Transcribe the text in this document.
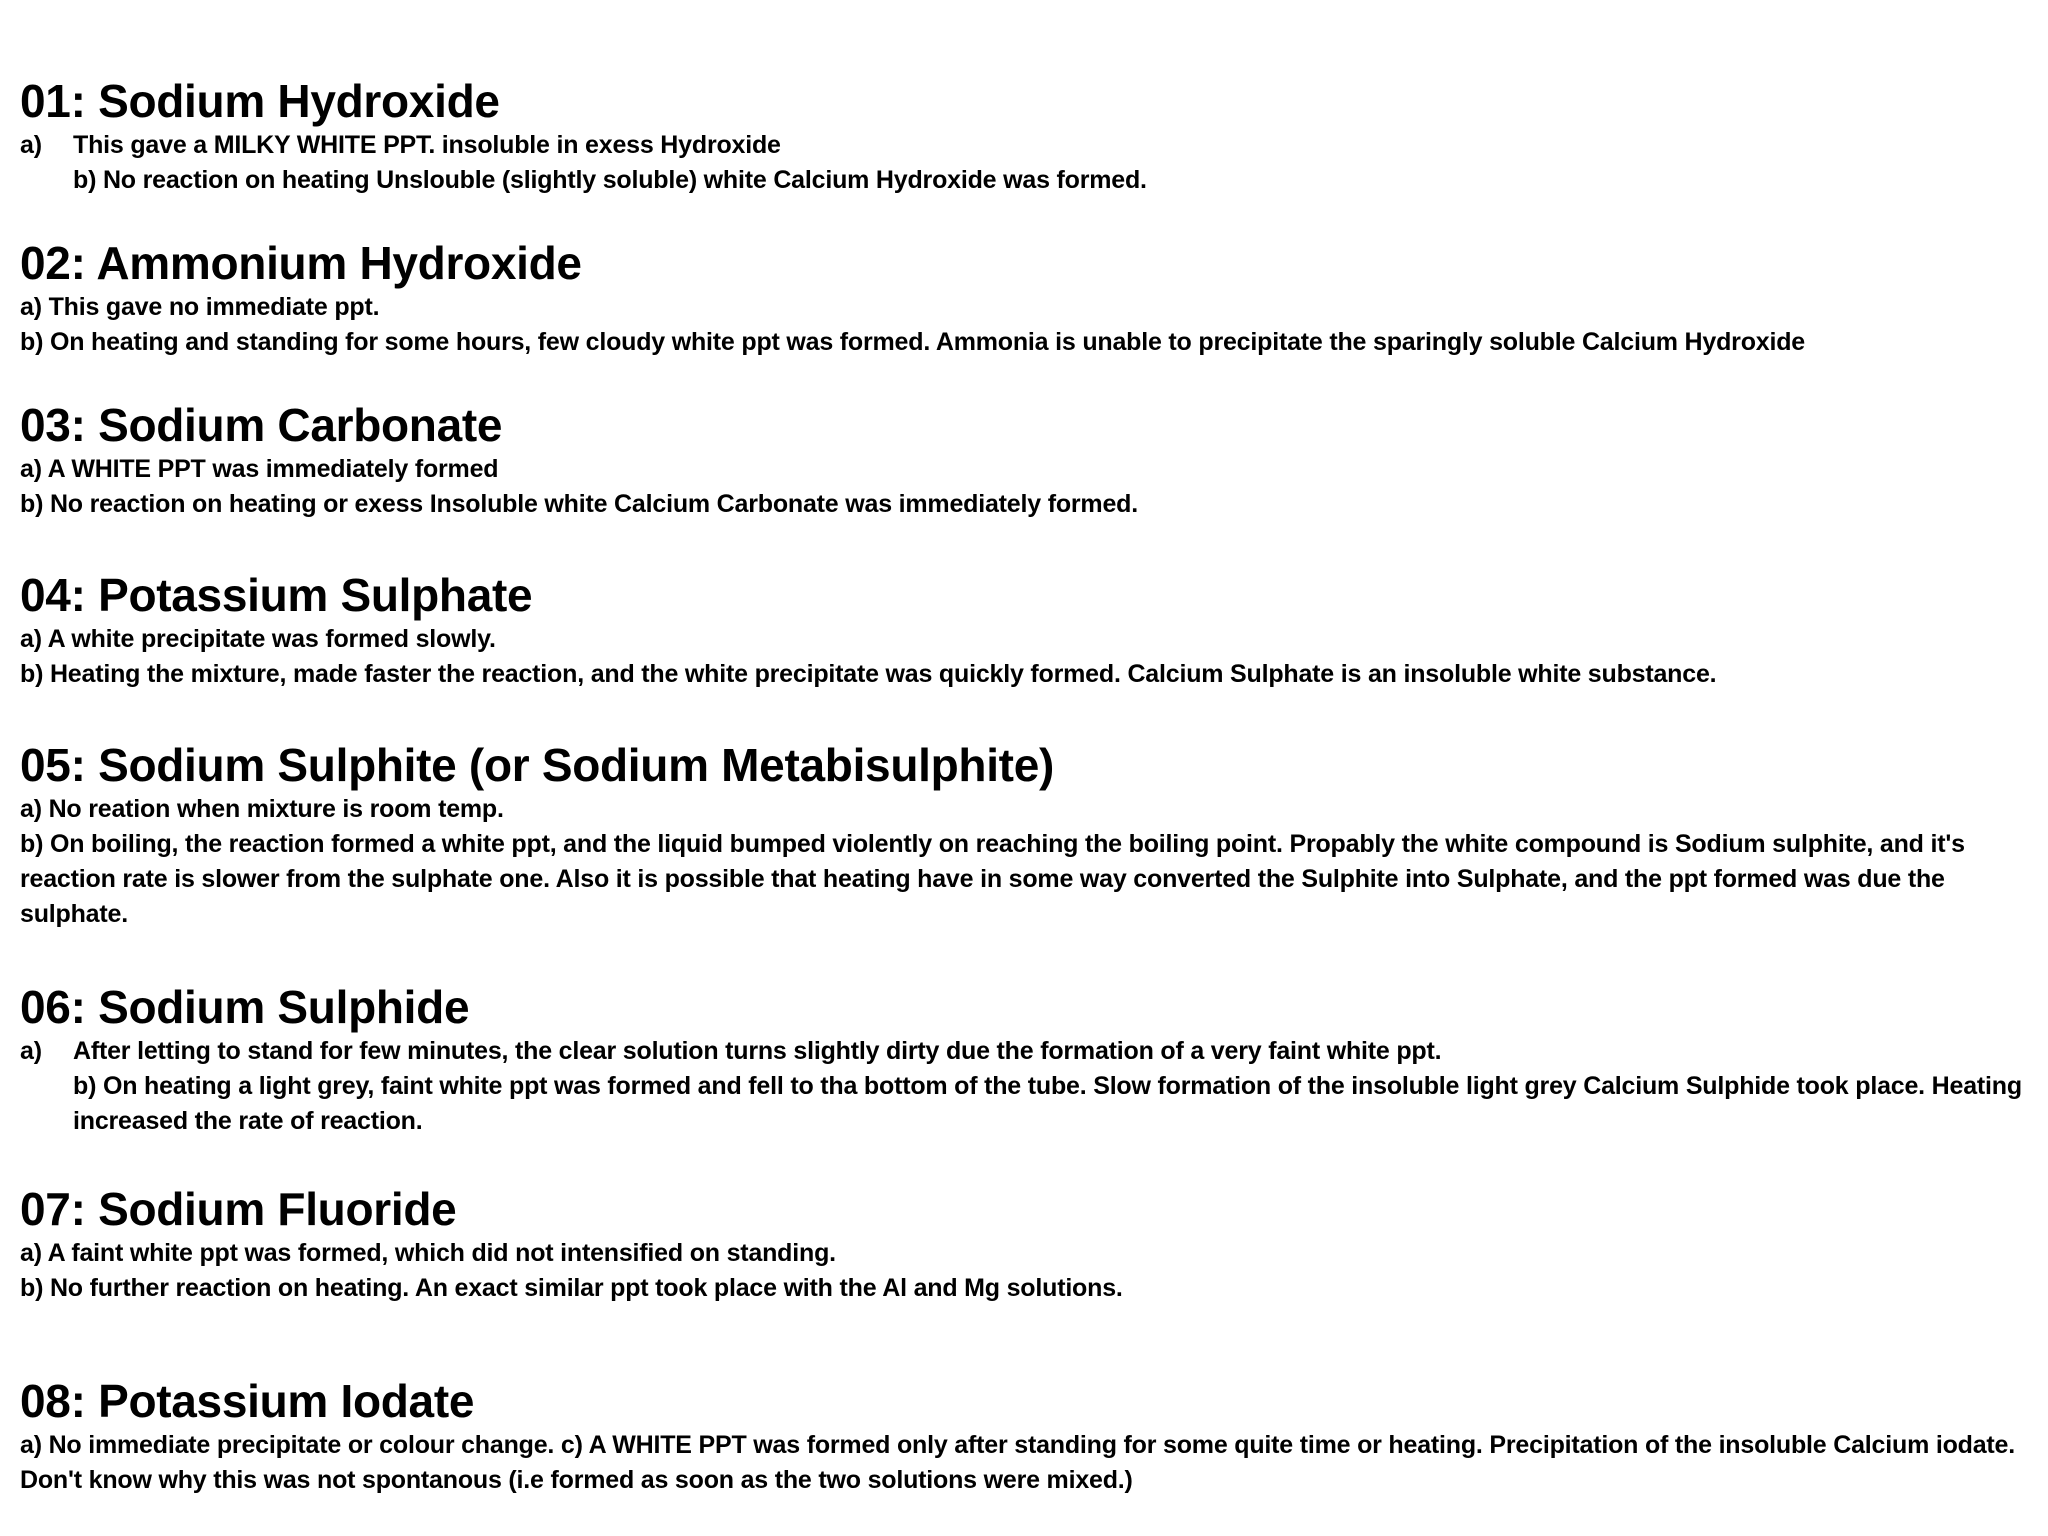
01: Sodium Hydroxide
a)	This gave a MILKY WHITE PPT. insoluble in exess Hydroxide

b) No reaction on heating Unslouble (slightly soluble) white Calcium Hydroxide was formed.

02: Ammonium Hydroxide

a) This gave no immediate ppt.

b) On heating and standing for some hours, few cloudy white ppt was formed. Ammonia is unable to precipitate the sparingly soluble Calcium Hydroxide

03: Sodium Carbonate

a) A WHITE PPT was immediately formed

b) No reaction on heating or exess Insoluble white Calcium Carbonate was immediately formed.

04: Potassium Sulphate

a) A white precipitate was formed slowly.

b) Heating the mixture, made faster the reaction, and the white precipitate was quickly formed. Calcium Sulphate is an insoluble white substance.

05: Sodium Sulphite (or Sodium Metabisulphite)

a) No reation when mixture is room temp.

b) On boiling, the reaction formed a white ppt, and the liquid bumped violently on reaching the boiling point. Propably the white compound is Sodium sulphite, and it's reaction rate is slower from the sulphate one. Also it is possible that heating have in some way converted the Sulphite into Sulphate, and the ppt formed was due the sulphate.

06: Sodium Sulphide
a)	After letting to stand for few minutes, the clear solution turns slightly dirty due the formation of a very faint white ppt.

b) On heating a light grey, faint white ppt was formed and fell to tha bottom of the tube. Slow formation of the insoluble light grey Calcium Sulphide took place. Heating increased the rate of reaction.

07: Sodium Fluoride

a) A faint white ppt was formed, which did not intensified on standing.

b) No further reaction on heating. An exact similar ppt took place with the Al and Mg solutions.

08: Potassium Iodate

a) No immediate precipitate or colour change. c) A WHITE PPT was formed only after standing for some quite time or heating. Precipitation of the insoluble Calcium iodate. Don't know why this was not spontanous (i.e formed as soon as the two solutions were mixed.)
